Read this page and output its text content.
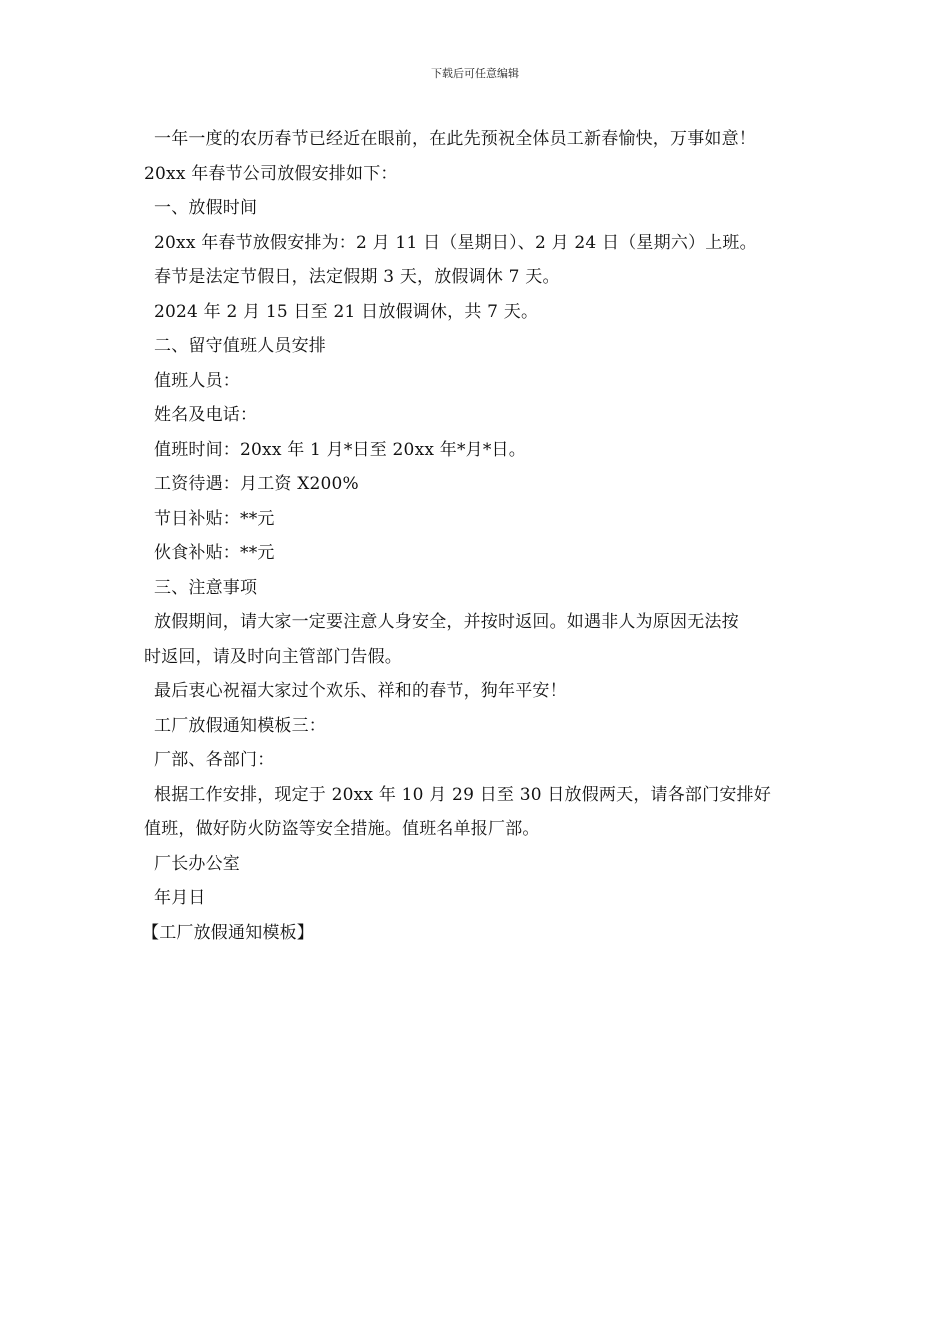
下载后可任意编辑
一年一度的农历春节已经近在眼前，在此先预祝全体员工新春愉快，万事如意！
20xx 年春节公司放假安排如下：
一、放假时间
20xx 年春节放假安排为：2 月 11 日（星期日）、2 月 24 日（星期六）上班。
春节是法定节假日，法定假期 3 天，放假调休 7 天。
2024 年 2 月 15 日至 21 日放假调休，共 7 天。
二、留守值班人员安排
值班人员：
姓名及电话：
值班时间：20xx 年 1 月*日至 20xx 年*月*日。
工资待遇：月工资 X200%
节日补贴：**元
伙食补贴：**元
三、注意事项
放假期间，请大家一定要注意人身安全，并按时返回。如遇非人为原因无法按
时返回，请及时向主管部门告假。
最后衷心祝福大家过个欢乐、祥和的春节，狗年平安！
工厂放假通知模板三：
厂部、各部门：
根据工作安排，现定于 20xx 年 10 月 29 日至 30 日放假两天，请各部门安排好
值班，做好防火防盗等安全措施。值班名单报厂部。
厂长办公室
年月日
【工厂放假通知模板】
